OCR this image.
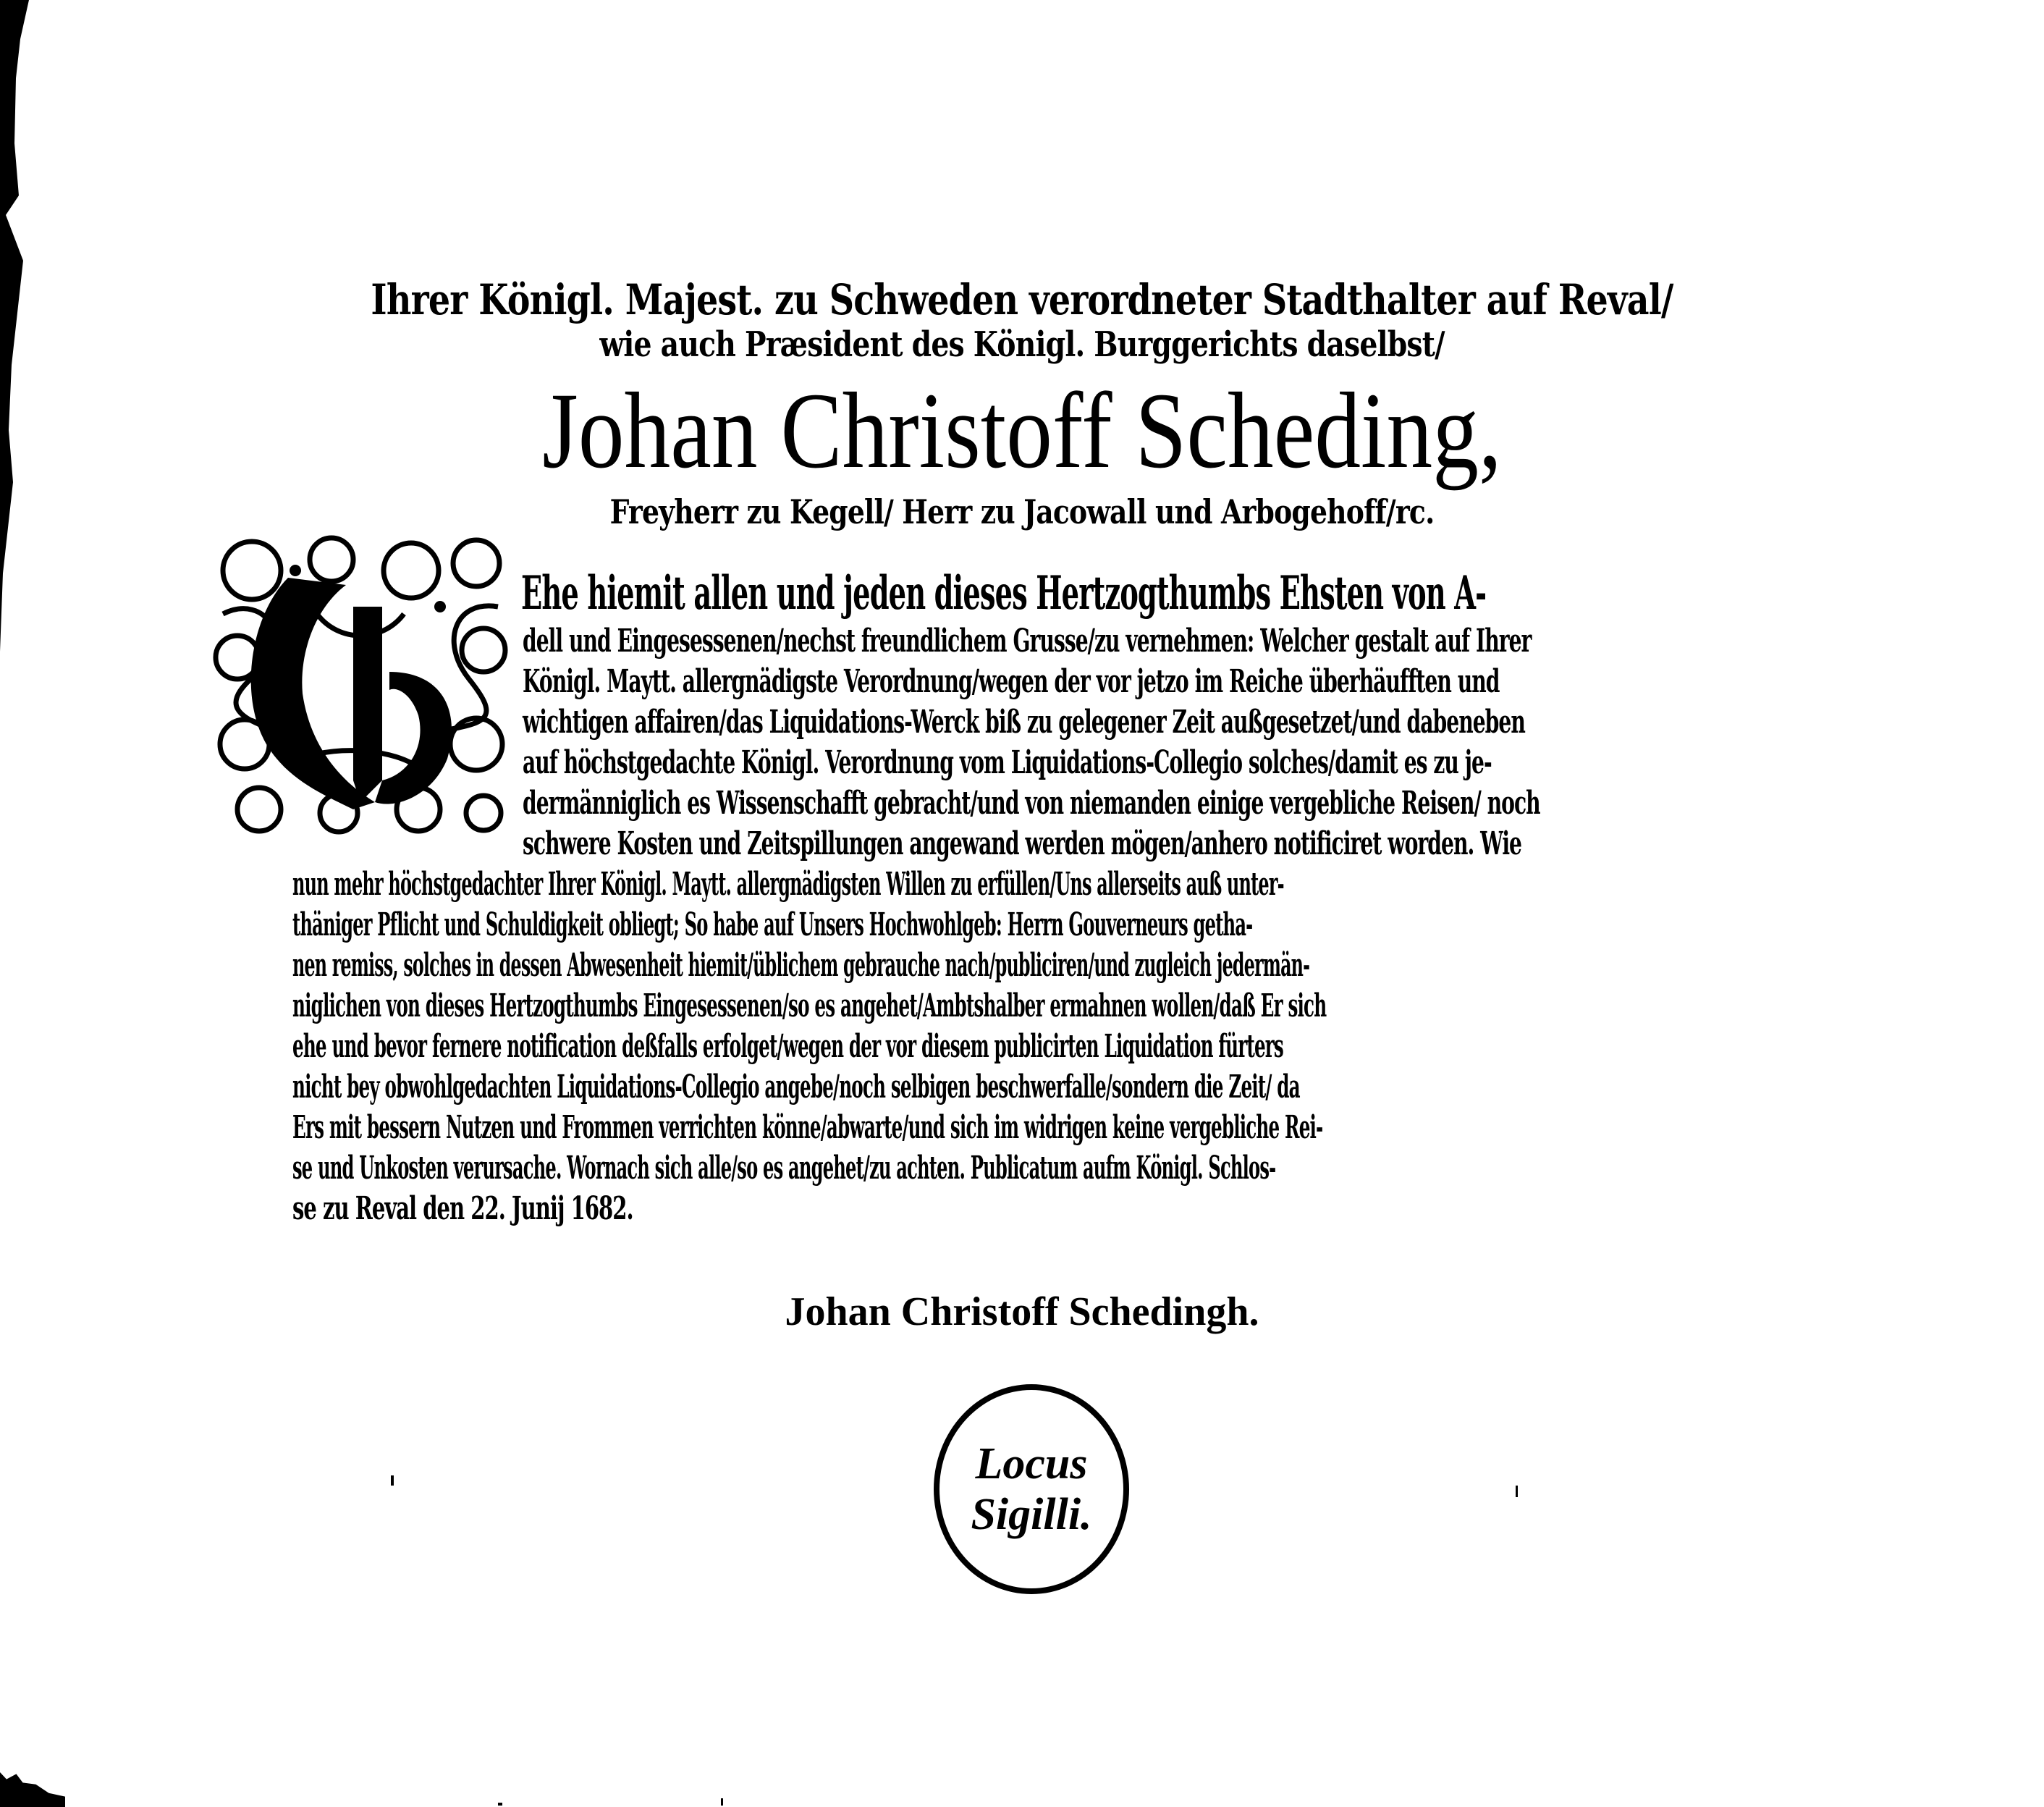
Ihrer Königl. Majest. zu Schweden verordneter Stadthalter auf Reval/
wie auch Præsident des Königl. Burggerichts daselbst/
Johan Christoff Scheding,
Freyherr zu Kegell/ Herr zu Jacowall und Arbogehoff/rc.
Ehe hiemit allen und jeden dieses Hertzogthumbs Ehsten von A-
dell und Eingesessenen/nechst freundlichem Grusse/zu vernehmen: Welcher gestalt auf Ihrer
Königl. Maytt. allergnädigste Verordnung/wegen der vor jetzo im Reiche überhäufften und
wichtigen affairen/das Liquidations-Werck biß zu gelegener Zeit außgesetzet/und dabeneben
auf höchstgedachte Königl. Verordnung vom Liquidations-Collegio solches/damit es zu je-
dermänniglich es Wissenschafft gebracht/und von niemanden einige vergebliche Reisen/ noch
schwere Kosten und Zeitspillungen angewand werden mögen/anhero notificiret worden. Wie
nun mehr höchstgedachter Ihrer Königl. Maytt. allergnädigsten Willen zu erfüllen/Uns allerseits auß unter-
thäniger Pflicht und Schuldigkeit obliegt; So habe auf Unsers Hochwohlgeb: Herrn Gouverneurs getha-
nen remiss, solches in dessen Abwesenheit hiemit/üblichem gebrauche nach/publiciren/und zugleich jedermän-
niglichen von dieses Hertzogthumbs Eingesessenen/so es angehet/Ambtshalber ermahnen wollen/daß Er sich
ehe und bevor fernere notification deßfalls erfolget/wegen der vor diesem publicirten Liquidation fürters
nicht bey obwohlgedachten Liquidations-Collegio angebe/noch selbigen beschwerfalle/sondern die Zeit/ da
Ers mit bessern Nutzen und Frommen verrichten könne/abwarte/und sich im widrigen keine vergebliche Rei-
se und Unkosten verursache. Wornach sich alle/so es angehet/zu achten. Publicatum aufm Königl. Schlos-
se zu Reval den 22. Junij 1682.
Johan Christoff Schedingh.
Locus
Sigilli.
